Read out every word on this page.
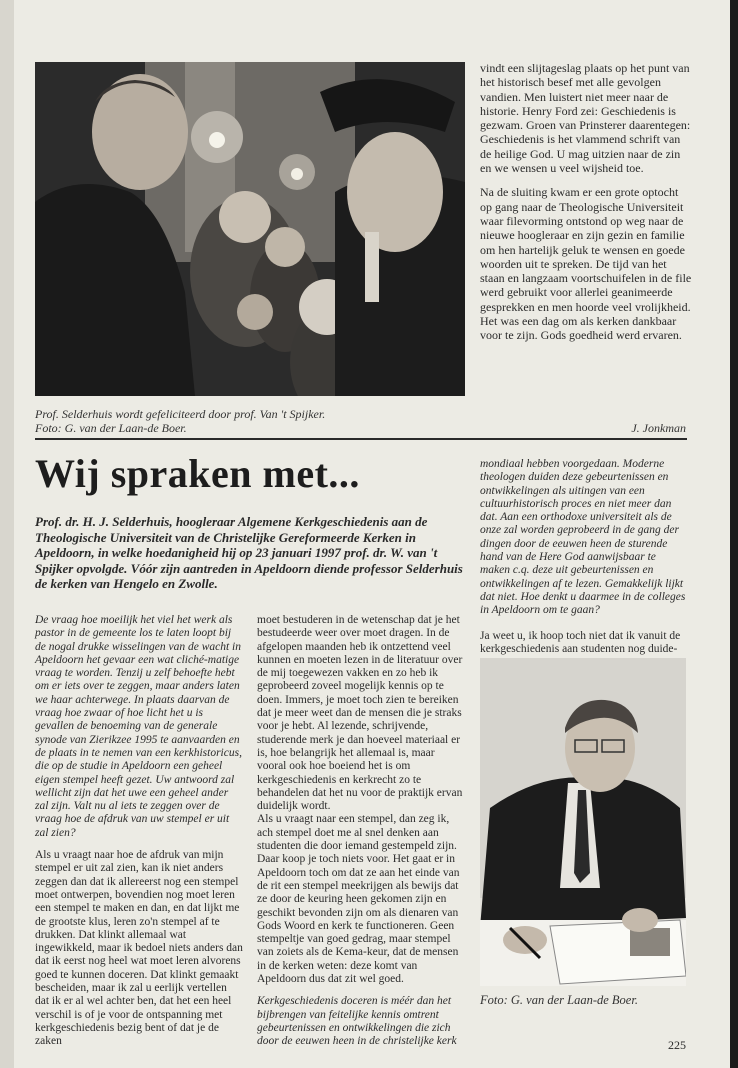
Prof. Selderhuis wordt gefeliciteerd door prof. Van 't Spijker.
Foto: G. van der Laan-de Boer.

vindt een slijtageslag plaats op het punt van het historisch besef met alle gevolgen vandien. Men luistert niet meer naar de historie. Henry Ford zei: Geschiedenis is gezwam. Groen van Prinsterer daarentegen: Geschiedenis is het vlammend schrift van de heilige God. U mag uitzien naar de zin en we wensen u veel wijsheid toe.

Na de sluiting kwam er een grote optocht op gang naar de Theologische Universiteit waar filevorming ontstond op weg naar de nieuwe hoogleraar en zijn gezin en familie om hen hartelijk geluk te wensen en goede woorden uit te spreken. De tijd van het staan en langzaam voortschuifelen in de file werd gebruikt voor allerlei geanimeerde gesprekken en men hoorde veel vrolijkheid. Het was een dag om als kerken dankbaar voor te zijn. Gods goedheid werd ervaren.

J. Jonkman
Wij spraken met...
Prof. dr. H. J. Selderhuis, hoogleraar Algemene Kerkgeschiedenis aan de Theologische Universiteit van de Christelijke Gereformeerde Kerken in Apeldoorn, in welke hoedanigheid hij op 23 januari 1997 prof. dr. W. van 't Spijker opvolgde. Vóór zijn aantreden in Apeldoorn diende professor Selderhuis de kerken van Hengelo en Zwolle.

De vraag hoe moeilijk het viel het werk als pastor in de gemeente los te laten loopt bij de nogal drukke wisselingen van de wacht in Apeldoorn het gevaar een wat cliché-matige vraag te worden. Tenzij u zelf behoefte hebt om er iets over te zeggen, maar anders laten we haar achterwege. In plaats daarvan de vraag hoe zwaar of hoe licht het u is gevallen de benoeming van de generale synode van Zierikzee 1995 te aanvaarden en de plaats in te nemen van een kerkhistoricus, die op de studie in Apeldoorn een geheel eigen stempel heeft gezet. Uw antwoord zal wellicht zijn dat het uwe een geheel ander zal zijn. Valt nu al iets te zeggen over de vraag hoe de afdruk van uw stempel er uit zal zien?

Als u vraagt naar hoe de afdruk van mijn stempel er uit zal zien, kan ik niet anders zeggen dan dat ik allereerst nog een stempel moet ontwerpen, bovendien nog moet leren een stempel te maken en dan, en dat lijkt me de grootste klus, leren zo'n stempel af te drukken. Dat klinkt allemaal wat ingewikkeld, maar ik bedoel niets anders dan dat ik eerst nog heel wat moet leren alvorens goed te kunnen doceren. Dat klinkt gemaakt bescheiden, maar ik zal u eerlijk vertellen dat ik er al wel achter ben, dat het een heel verschil is of je voor de ontspanning met kerkgeschiedenis bezig bent of dat je de zaken

moet bestuderen in de wetenschap dat je het bestudeerde weer over moet dragen. In de afgelopen maanden heb ik ontzettend veel kunnen en moeten lezen in de literatuur over de mij toegewezen vakken en zo heb ik geprobeerd zoveel mogelijk kennis op te doen. Immers, je moet toch zien te bereiken dat je meer weet dan de mensen die je straks voor je hebt. Al lezende, schrijvende, studerende merk je dan hoeveel materiaal er is, hoe belangrijk het allemaal is, maar vooral ook hoe boeiend het is om kerkgeschiedenis en kerkrecht zo te behandelen dat het nu voor de praktijk ervan duidelijk wordt.
Als u vraagt naar een stempel, dan zeg ik, ach stempel doet me al snel denken aan studenten die door iemand gestempeld zijn. Daar koop je toch niets voor. Het gaat er in Apeldoorn toch om dat ze aan het einde van de rit een stempel meekrijgen als bewijs dat ze door de keuring heen gekomen zijn en geschikt bevonden zijn om als dienaren van Gods Woord en kerk te functioneren. Geen stempeltje van goed gedrag, maar stempel van zoiets als de Kema-keur, dat de mensen in de kerken weten: deze komt van Apeldoorn dus dat zit wel goed.

Kerkgeschiedenis doceren is méér dan het bijbrengen van feitelijke kennis omtrent gebeurtenissen en ontwikkelingen die zich door de eeuwen heen in de christelijke kerk

mondiaal hebben voorgedaan. Moderne theologen duiden deze gebeurtenissen en ontwikkelingen als uitingen van een cultuurhistorisch proces en niet meer dan dat. Aan een orthodoxe universiteit als de onze zal worden geprobeerd in de gang der dingen door de eeuwen heen de sturende hand van de Here God aanwijsbaar te maken c.q. deze uit gebeurtenissen en ontwikkelingen af te lezen. Gemakkelijk lijkt dat niet. Hoe denkt u daarmee in de colleges in Apeldoorn om te gaan?

Ja weet u, ik hoop toch niet dat ik vanuit de kerkgeschiedenis aan studenten nog duide-

Foto: G. van der Laan-de Boer.
225
